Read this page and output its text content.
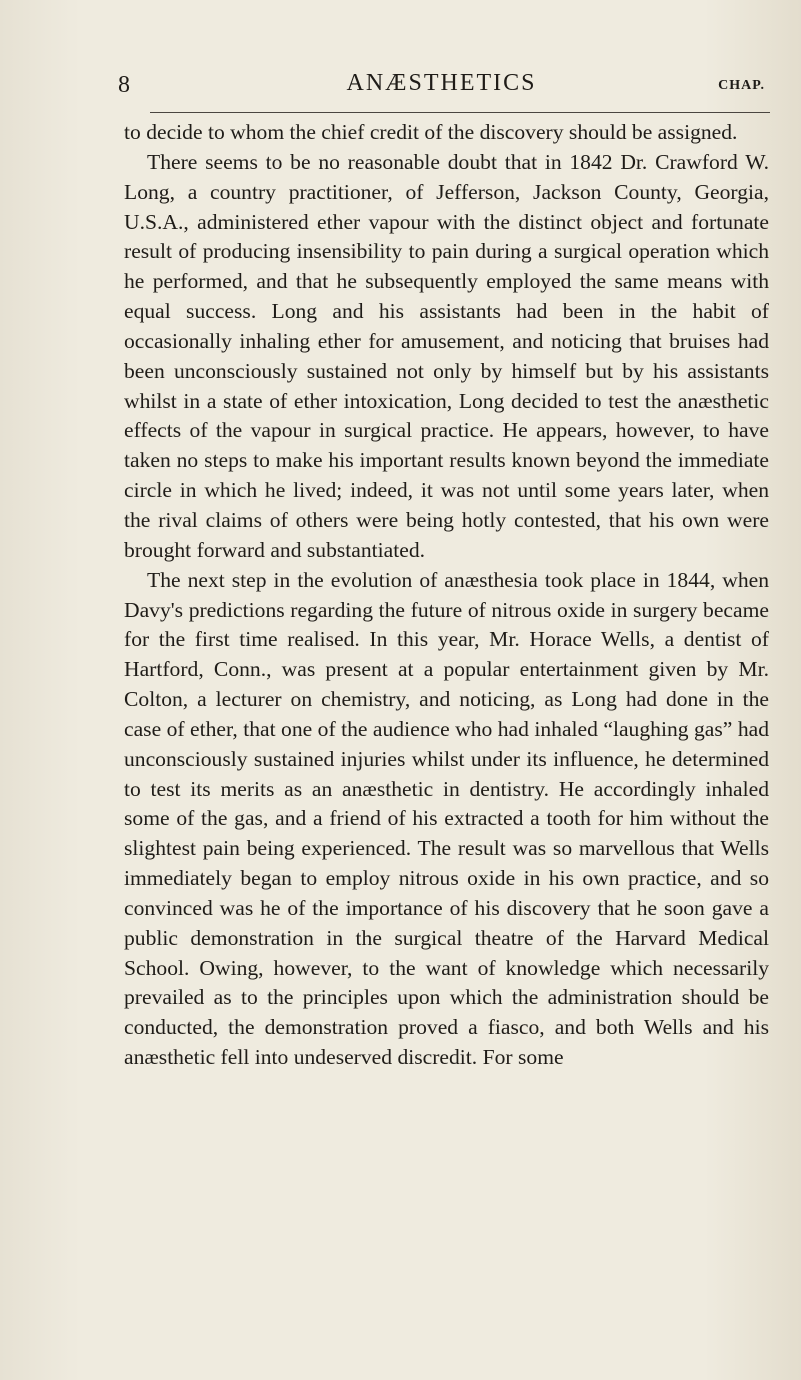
8	ANÆSTHETICS	CHAP.

to decide to whom the chief credit of the discovery should be assigned.

There seems to be no reasonable doubt that in 1842 Dr. Crawford W. Long, a country practitioner, of Jefferson, Jackson County, Georgia, U.S.A., administered ether vapour with the distinct object and fortunate result of producing insensibility to pain during a surgical operation which he performed, and that he subsequently employed the same means with equal success. Long and his assistants had been in the habit of occasionally inhaling ether for amusement, and noticing that bruises had been unconsciously sustained not only by himself but by his assistants whilst in a state of ether intoxication, Long decided to test the anæsthetic effects of the vapour in surgical practice. He appears, however, to have taken no steps to make his important results known beyond the immediate circle in which he lived; indeed, it was not until some years later, when the rival claims of others were being hotly contested, that his own were brought forward and substantiated.

The next step in the evolution of anæsthesia took place in 1844, when Davy's predictions regarding the future of nitrous oxide in surgery became for the first time realised. In this year, Mr. Horace Wells, a dentist of Hartford, Conn., was present at a popular entertainment given by Mr. Colton, a lecturer on chemistry, and noticing, as Long had done in the case of ether, that one of the audience who had inhaled “laughing gas” had unconsciously sustained injuries whilst under its influence, he determined to test its merits as an anæsthetic in dentistry. He accordingly inhaled some of the gas, and a friend of his extracted a tooth for him without the slightest pain being experienced. The result was so marvellous that Wells immediately began to employ nitrous oxide in his own practice, and so convinced was he of the importance of his discovery that he soon gave a public demonstration in the surgical theatre of the Harvard Medical School. Owing, however, to the want of knowledge which necessarily prevailed as to the principles upon which the administration should be conducted, the demonstration proved a fiasco, and both Wells and his anæsthetic fell into undeserved discredit. For some
